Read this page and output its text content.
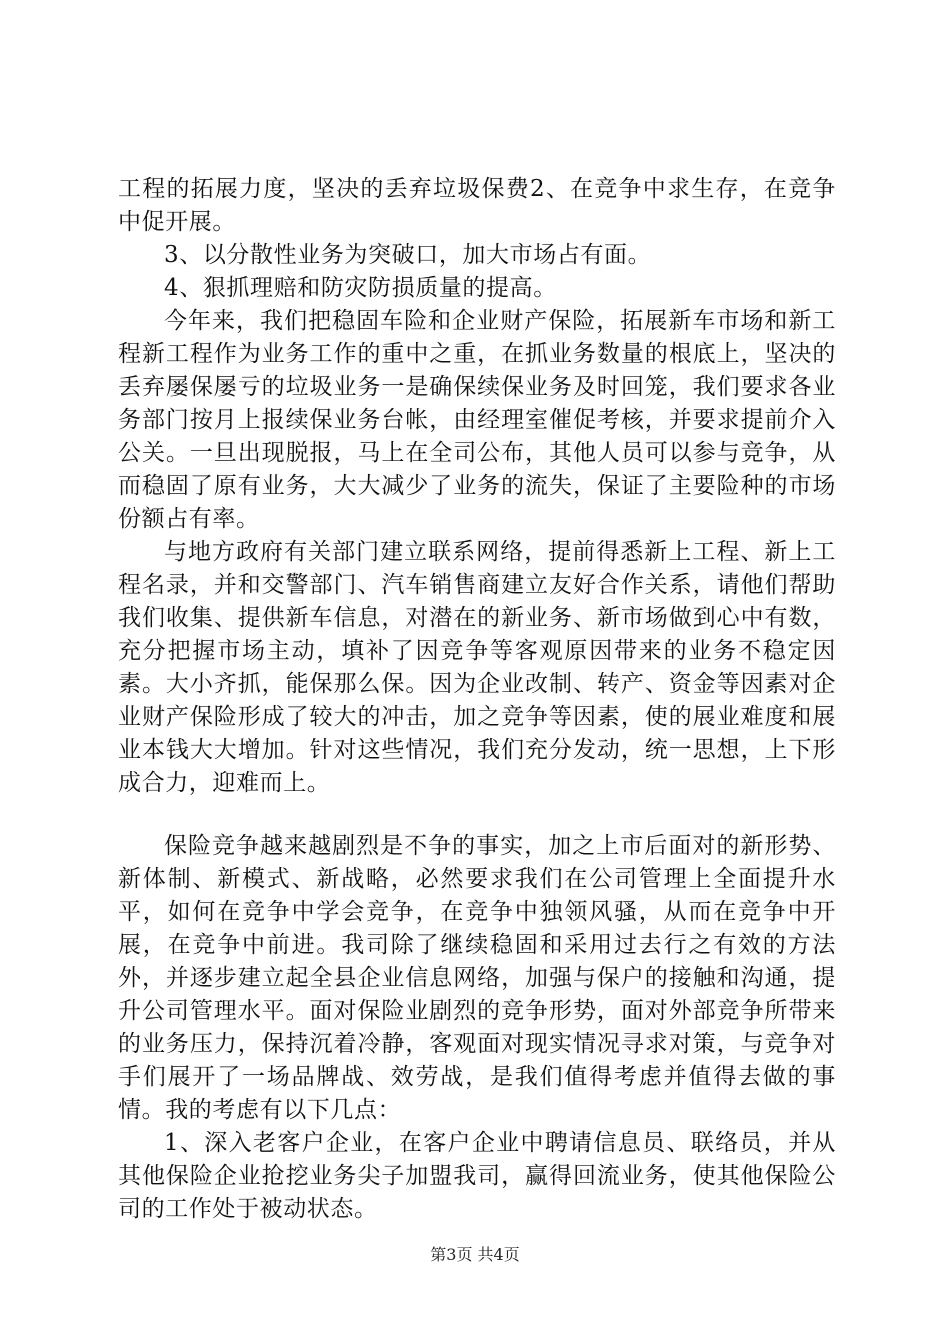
工程的拓展力度，坚决的丢弃垃圾保费2、在竞争中求生存，在竞争中促开展。

3、以分散性业务为突破口，加大市场占有面。

4、狠抓理赔和防灾防损质量的提高。

今年来，我们把稳固车险和企业财产保险，拓展新车市场和新工程新工程作为业务工作的重中之重，在抓业务数量的根底上，坚决的丢弃屡保屡亏的垃圾业务一是确保续保业务及时回笼，我们要求各业务部门按月上报续保业务台帐，由经理室催促考核，并要求提前介入公关。一旦出现脱报，马上在全司公布，其他人员可以参与竞争，从而稳固了原有业务，大大减少了业务的流失，保证了主要险种的市场份额占有率。

与地方政府有关部门建立联系网络，提前得悉新上工程、新上工程名录，并和交警部门、汽车销售商建立友好合作关系，请他们帮助我们收集、提供新车信息，对潜在的新业务、新市场做到心中有数，充分把握市场主动，填补了因竞争等客观原因带来的业务不稳定因素。大小齐抓，能保那么保。因为企业改制、转产、资金等因素对企业财产保险形成了较大的冲击，加之竞争等因素，使的展业难度和展业本钱大大增加。针对这些情况，我们充分发动，统一思想，上下形成合力，迎难而上。

保险竞争越来越剧烈是不争的事实，加之上市后面对的新形势、新体制、新模式、新战略，必然要求我们在公司管理上全面提升水平，如何在竞争中学会竞争，在竞争中独领风骚，从而在竞争中开展，在竞争中前进。我司除了继续稳固和采用过去行之有效的方法外，并逐步建立起全县企业信息网络，加强与保户的接触和沟通，提升公司管理水平。面对保险业剧烈的竞争形势，面对外部竞争所带来的业务压力，保持沉着冷静，客观面对现实情况寻求对策，与竞争对手们展开了一场品牌战、效劳战，是我们值得考虑并值得去做的事情。我的考虑有以下几点：

1、深入老客户企业，在客户企业中聘请信息员、联络员，并从其他保险企业抢挖业务尖子加盟我司，赢得回流业务，使其他保险公司的工作处于被动状态。

第3页 共4页
